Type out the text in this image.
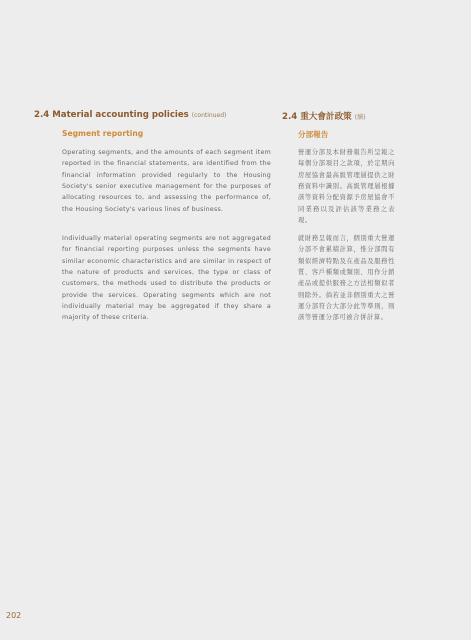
2.4 Material accounting policies (continued)
Segment reporting
Operating segments, and the amounts of each segment item reported in the financial statements, are identified from the financial information provided regularly to the Housing Society's senior executive management for the purposes of allocating resources to, and assessing the performance of, the Housing Society's various lines of business.
Individually material operating segments are not aggregated for financial reporting purposes unless the segments have similar economic characteristics and are similar in respect of the nature of products and services, the type or class of customers, the methods used to distribute the products or provide the services. Operating segments which are not individually material may be aggregated if they share a majority of these criteria.
2.4 重大會計政策 (續)
分部報告
營運分部及本財務報告所呈報之每個分部項目之款項，於定期向房屋協會最高級管理層提供之財務資料中識別。高級管理層根據該等資料分配資源予房屋協會不同業務以及評估該等業務之表現。
就財務呈報而言，個別重大營運分部不會累積計算，惟分部間有類似經濟特點及在產品及服務性質、客戶種類或類別、用作分銷產品或提供服務之方法相類似者則除外。倘若並非個別重大之營運分部符合大部分此等準則，則該等營運分部可被合併計算。
202
